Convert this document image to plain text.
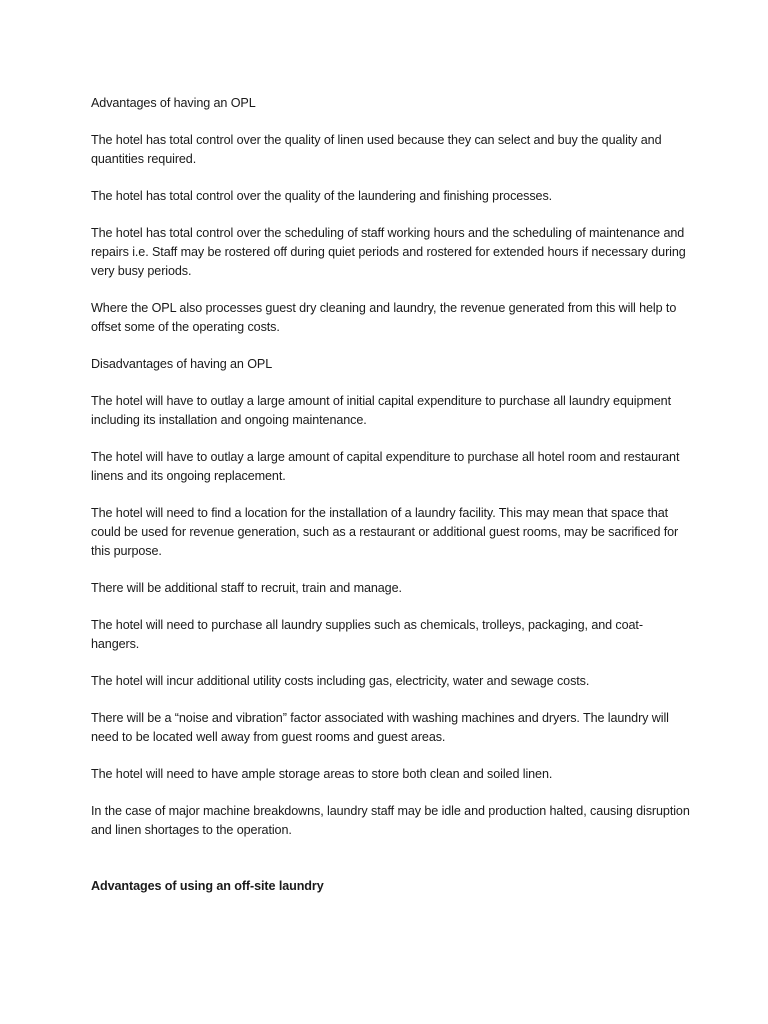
Advantages of having an OPL

The hotel has total control over the quality of linen used because they can select and buy the quality and quantities required.

The hotel has total control over the quality of the laundering and finishing processes.

The hotel has total control over the scheduling of staff working hours and the scheduling of maintenance and repairs i.e. Staff may be rostered off during quiet periods and rostered for extended hours if necessary during very busy periods.

Where the OPL also processes guest dry cleaning and laundry, the revenue generated from this will help to offset some of the operating costs.

Disadvantages of having an OPL

The hotel will have to outlay a large amount of initial capital expenditure to purchase all laundry equipment including its installation and ongoing maintenance.

The hotel will have to outlay a large amount of capital expenditure to purchase all hotel room and restaurant linens and its ongoing replacement.

The hotel will need to find a location for the installation of a laundry facility. This may mean that space that could be used for revenue generation, such as a restaurant or additional guest rooms, may be sacrificed for this purpose.

There will be additional staff to recruit, train and manage.

The hotel will need to purchase all laundry supplies such as chemicals, trolleys, packaging, and coat-hangers.

The hotel will incur additional utility costs including gas, electricity, water and sewage costs.

There will be a “noise and vibration” factor associated with washing machines and dryers. The laundry will need to be located well away from guest rooms and guest areas.

The hotel will need to have ample storage areas to store both clean and soiled linen.

In the case of major machine breakdowns, laundry staff may be idle and production halted, causing disruption and linen shortages to the operation.

Advantages of using an off-site laundry
